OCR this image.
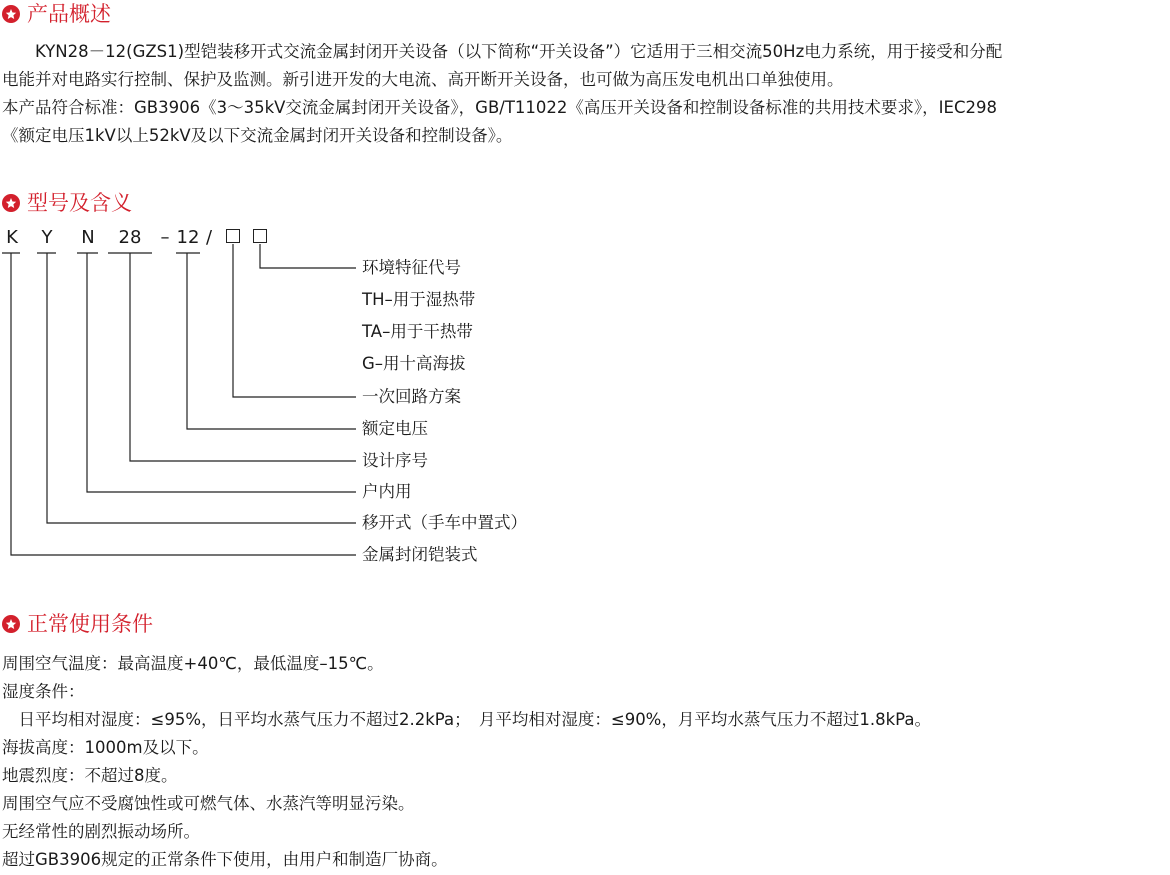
产品概述
　　KYN28－12(GZS1)型铠装移开式交流金属封闭开关设备（以下简称“开关设备”）它适用于三相交流50Hz电力系统，用于接受和分配
电能并对电路实行控制、保护及监测。新引进开发的大电流、高开断开关设备，也可做为高压发电机出口单独使用。
本产品符合标准：GB3906《3～35kV交流金属封闭开关设备》，GB/T11022《高压开关设备和控制设备标准的共用技术要求》，IEC298
《额定电压1kV以上52kV及以下交流金属封闭开关设备和控制设备》。
型号及含义
K Y N 28 – 12 /
环境特征代号
TH–用于湿热带
TA–用于干热带
G–用十高海拔
一次回路方案
额定电压
设计序号
户内用
移开式（手车中置式）
金属封闭铠装式
正常使用条件
周围空气温度：最高温度+40℃，最低温度–15℃。
湿度条件：
　日平均相对湿度：≤95%，日平均水蒸气压力不超过2.2kPa；　月平均相对湿度：≤90%，月平均水蒸气压力不超过1.8kPa。
海拔高度：1000m及以下。
地震烈度：不超过8度。
周围空气应不受腐蚀性或可燃气体、水蒸汽等明显污染。
无经常性的剧烈振动场所。
超过GB3906规定的正常条件下使用，由用户和制造厂协商。
